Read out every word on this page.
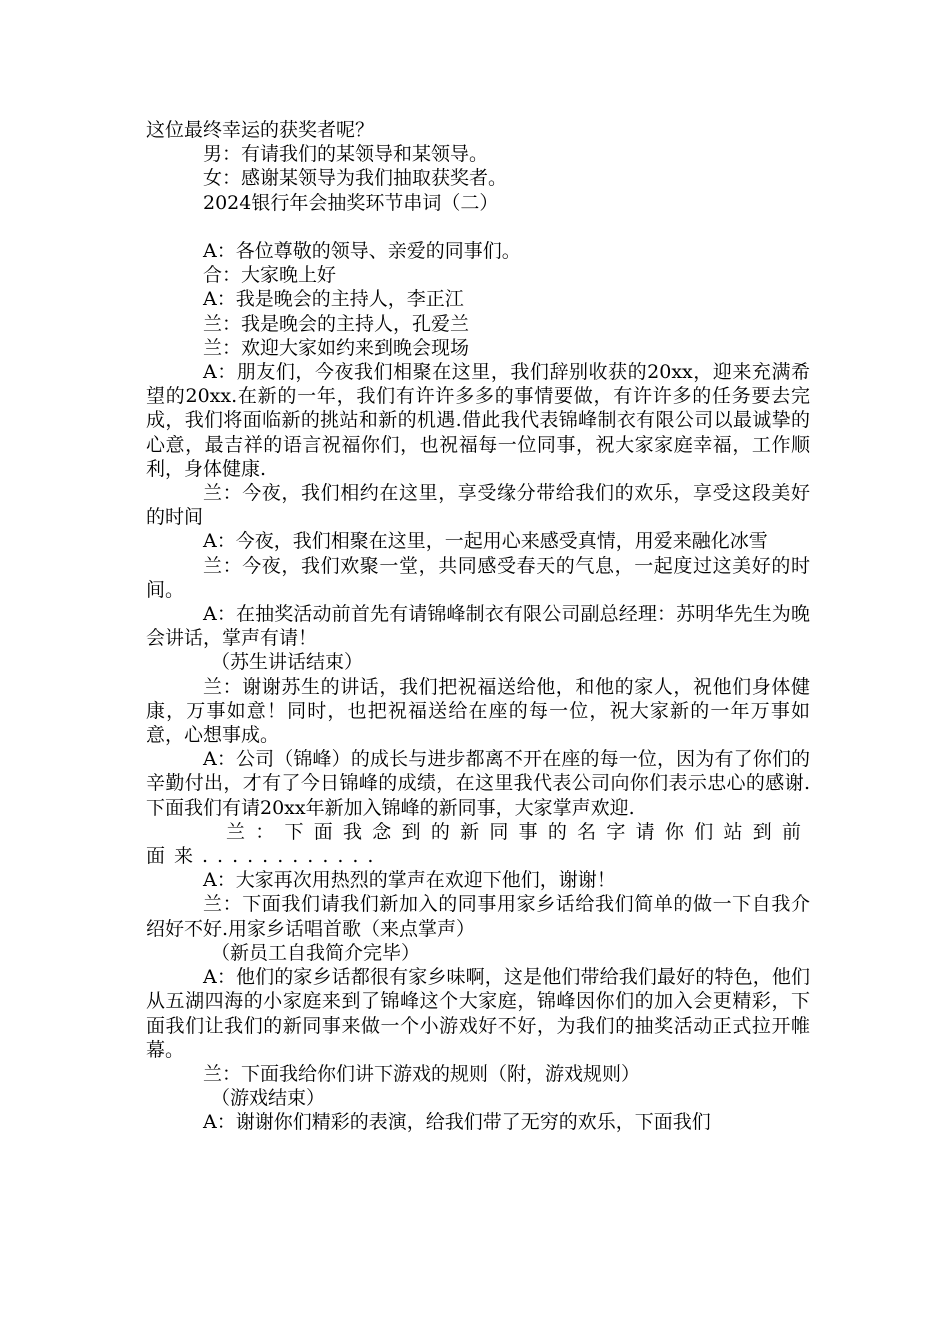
这位最终幸运的获奖者呢？

男：有请我们的某领导和某领导。

女：感谢某领导为我们抽取获奖者。

2024银行年会抽奖环节串词（二）

A：各位尊敬的领导、亲爱的同事们。

合：大家晚上好

A：我是晚会的主持人，李正江

兰：我是晚会的主持人，孔爱兰

兰：欢迎大家如约来到晚会现场

A：朋友们，今夜我们相聚在这里，我们辞别收获的20xx，迎来充满希望的20xx.在新的一年，我们有许许多多的事情要做，有许许多的任务要去完成，我们将面临新的挑站和新的机遇.借此我代表锦峰制衣有限公司以最诚挚的心意，最吉祥的语言祝福你们，也祝福每一位同事，祝大家家庭幸福，工作顺利，身体健康.

兰：今夜，我们相约在这里，享受缘分带给我们的欢乐，享受这段美好的时间

A：今夜，我们相聚在这里，一起用心来感受真情，用爱来融化冰雪

兰：今夜，我们欢聚一堂，共同感受春天的气息，一起度过这美好的时间。

A：在抽奖活动前首先有请锦峰制衣有限公司副总经理：苏明华先生为晚会讲话，掌声有请！

（苏生讲话结束）

兰：谢谢苏生的讲话，我们把祝福送给他，和他的家人，祝他们身体健康，万事如意！同时，也把祝福送给在座的每一位，祝大家新的一年万事如意，心想事成。

A：公司（锦峰）的成长与进步都离不开在座的每一位，因为有了你们的辛勤付出，才有了今日锦峰的成绩，在这里我代表公司向你们表示忠心的感谢.下面我们有请20xx年新加入锦峰的新同事，大家掌声欢迎.

兰：下面我念到的新同事的名字请你们站到前面来............

A：大家再次用热烈的掌声在欢迎下他们，谢谢！

兰：下面我们请我们新加入的同事用家乡话给我们简单的做一下自我介绍好不好.用家乡话唱首歌（来点掌声）

（新员工自我简介完毕）

A：他们的家乡话都很有家乡味啊，这是他们带给我们最好的特色，他们从五湖四海的小家庭来到了锦峰这个大家庭，锦峰因你们的加入会更精彩，下面我们让我们的新同事来做一个小游戏好不好，为我们的抽奖活动正式拉开帷幕。

兰：下面我给你们讲下游戏的规则（附，游戏规则）

（游戏结束）

A：谢谢你们精彩的表演，给我们带了无穷的欢乐，下面我们
